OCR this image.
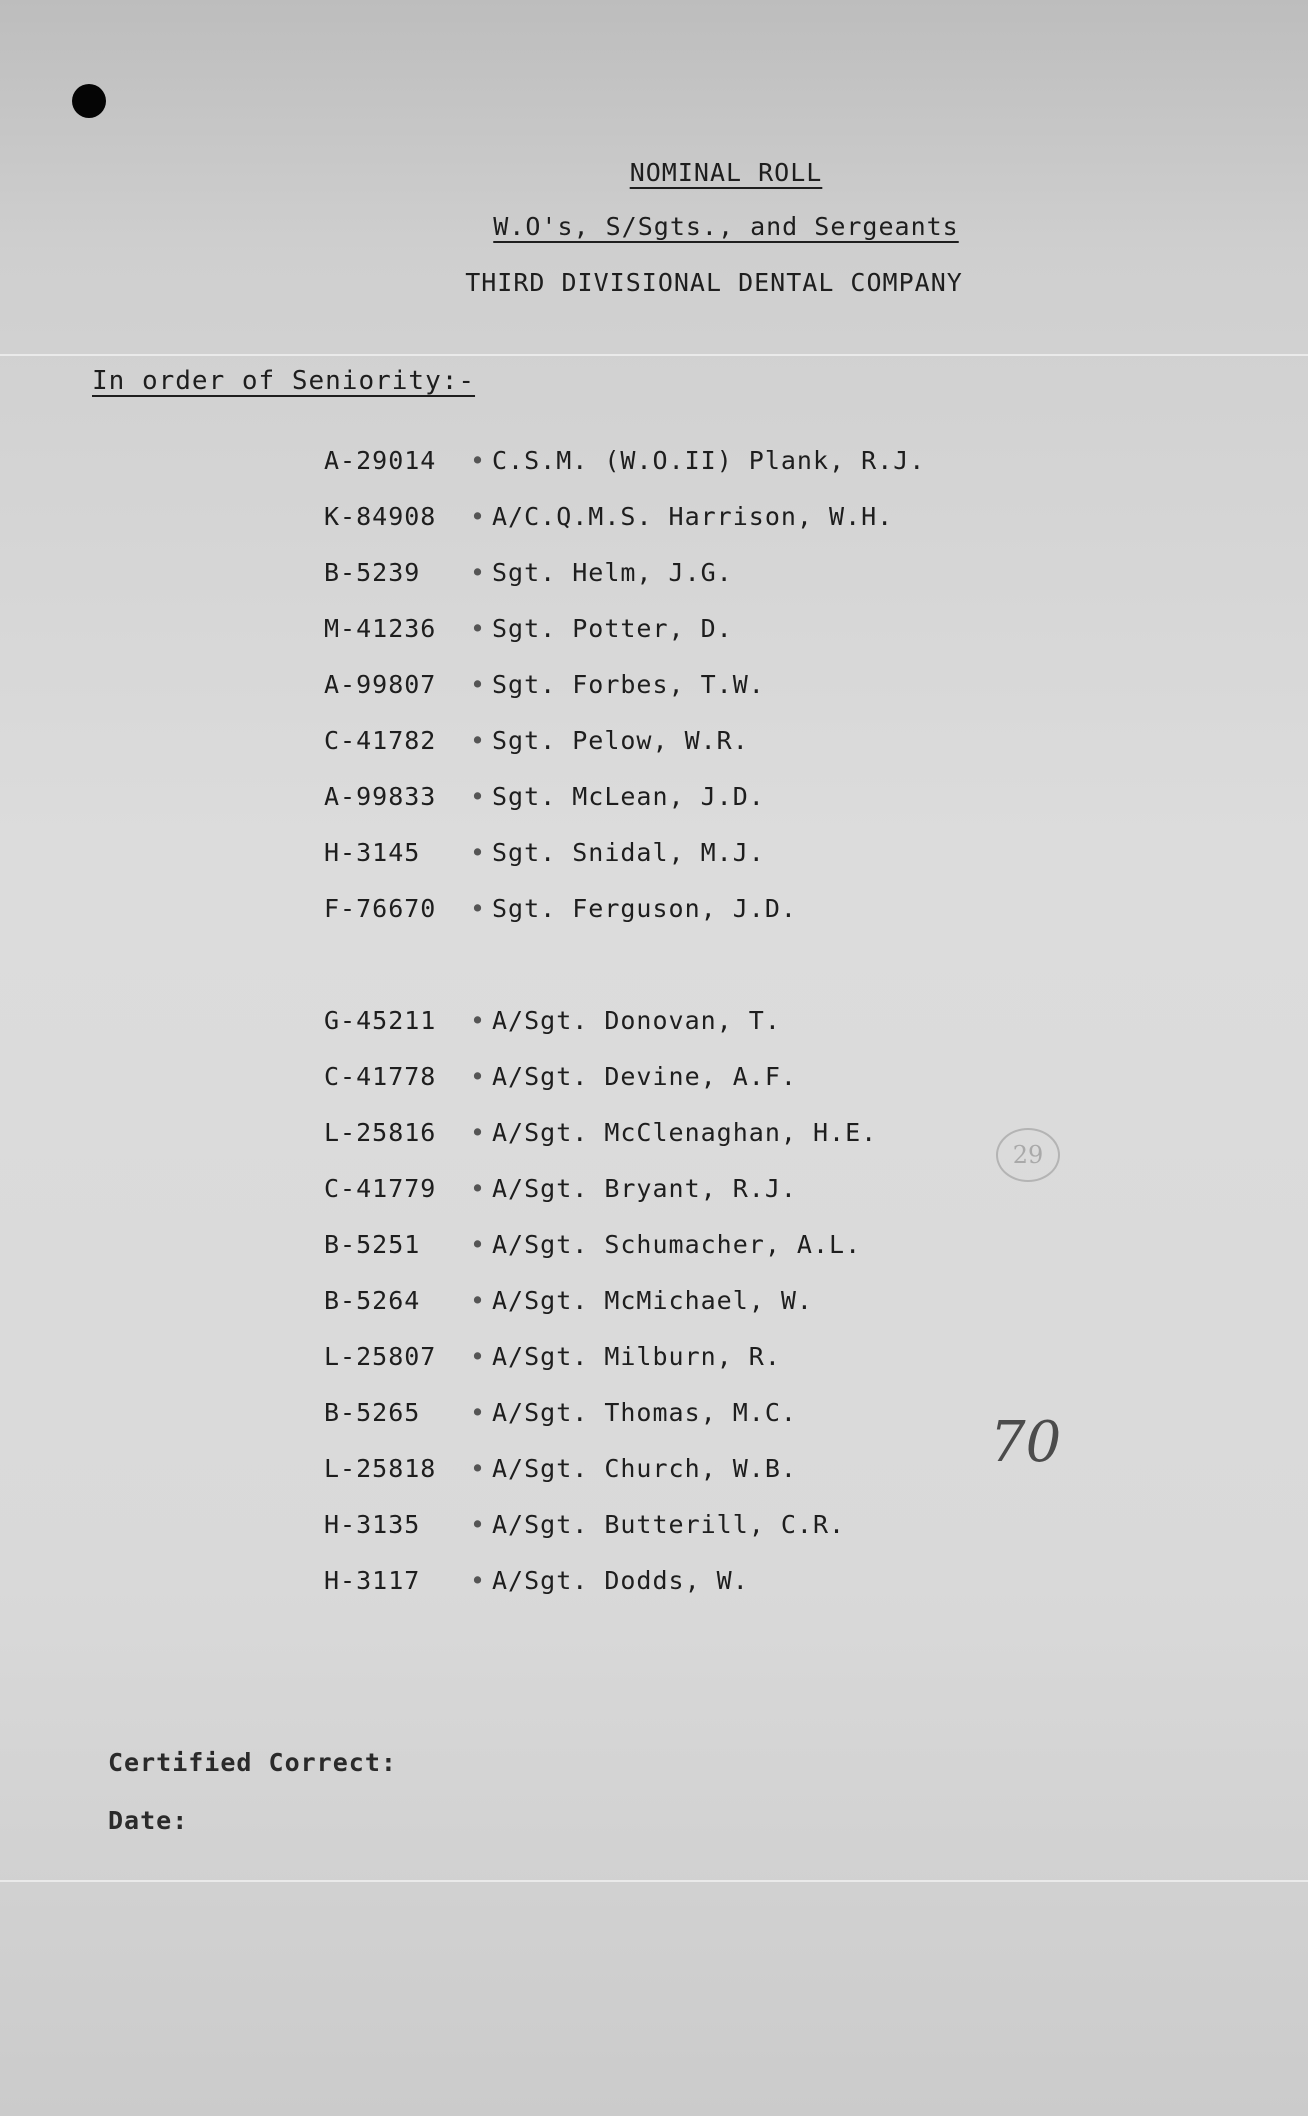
NOMINAL ROLL
W.O's, S/Sgts., and Sergeants
THIRD DIVISIONAL DENTAL COMPANY
In order of Seniority:-
A-29014	• C.S.M. (W.O.II) Plank, R.J.
K-84908	• A/C.Q.M.S. Harrison, W.H.
B-5239	• Sgt. Helm, J.G.
M-41236	• Sgt. Potter, D.
A-99807	• Sgt. Forbes, T.W.
C-41782	• Sgt. Pelow, W.R.
A-99833	• Sgt. McLean, J.D.
H-3145	• Sgt. Snidal, M.J.
F-76670	• Sgt. Ferguson, J.D.
G-45211	• A/Sgt. Donovan, T.
C-41778	• A/Sgt. Devine, A.F.
L-25816	• A/Sgt. McClenaghan, H.E.
C-41779	• A/Sgt. Bryant, R.J.
B-5251	• A/Sgt. Schumacher, A.L.
B-5264	• A/Sgt. McMichael, W.
L-25807	• A/Sgt. Milburn, R.
B-5265	• A/Sgt. Thomas, M.C.
L-25818	• A/Sgt. Church, W.B.
H-3135	• A/Sgt. Butterill, C.R.
H-3117	• A/Sgt. Dodds, W.
29
70
Certified Correct:
Date:
